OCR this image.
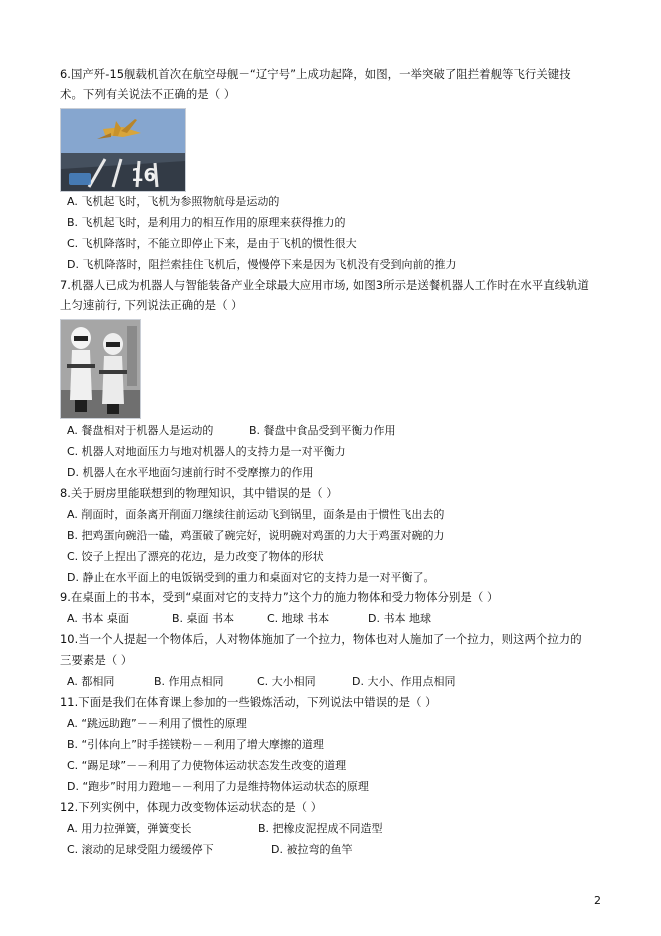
6.国产歼-15舰载机首次在航空母舰－“辽宁号”上成功起降，如图，一举突破了阻拦着舰等飞行关键技
术。下列有关说法不正确的是（ ）
16
A. 飞机起飞时，飞机为参照物航母是运动的
B. 飞机起飞时，是利用力的相互作用的原理来获得推力的
C. 飞机降落时，不能立即停止下来，是由于飞机的惯性很大
D. 飞机降落时，阻拦索挂住飞机后，慢慢停下来是因为飞机没有受到向前的推力
7.机器人已成为机器人与智能装备产业全球最大应用市场, 如图3所示是送餐机器人工作时在水平直线轨道
上匀速前行, 下列说法正确的是（ ）
A. 餐盘相对于机器人是运动的	B. 餐盘中食品受到平衡力作用
C. 机器人对地面压力与地对机器人的支持力是一对平衡力
D. 机器人在水平地面匀速前行时不受摩擦力的作用
8.关于厨房里能联想到的物理知识，其中错误的是（ ）
A. 削面时，面条离开削面刀继续往前运动飞到锅里，面条是由于惯性飞出去的
B. 把鸡蛋向碗沿一磕，鸡蛋破了碗完好，说明碗对鸡蛋的力大于鸡蛋对碗的力
C. 饺子上捏出了漂亮的花边，是力改变了物体的形状
D. 静止在水平面上的电饭锅受到的重力和桌面对它的支持力是一对平衡了。
9.在桌面上的书本，受到“桌面对它的支持力”这个力的施力物体和受力物体分别是（ ）
A. 书本 桌面	B. 桌面 书本	C. 地球 书本	D. 书本 地球
10.当一个人提起一个物体后，人对物体施加了一个拉力，物体也对人施加了一个拉力，则这两个拉力的
三要素是（ ）
A. 都相同	B. 作用点相同	C. 大小相同	D. 大小、作用点相同
11.下面是我们在体育课上参加的一些锻炼活动，下列说法中错误的是（ ）
A. “跳远助跑”－－利用了惯性的原理
B. “引体向上”时手搓镁粉－－利用了增大摩擦的道理
C. “踢足球”－－利用了力使物体运动状态发生改变的道理
D. “跑步”时用力蹬地－－利用了力是维持物体运动状态的原理
12.下列实例中，体现力改变物体运动状态的是（ ）
A. 用力拉弹簧，弹簧变长	B. 把橡皮泥捏成不同造型
C. 滚动的足球受阻力缓缓停下	D. 被拉弯的鱼竿
2
